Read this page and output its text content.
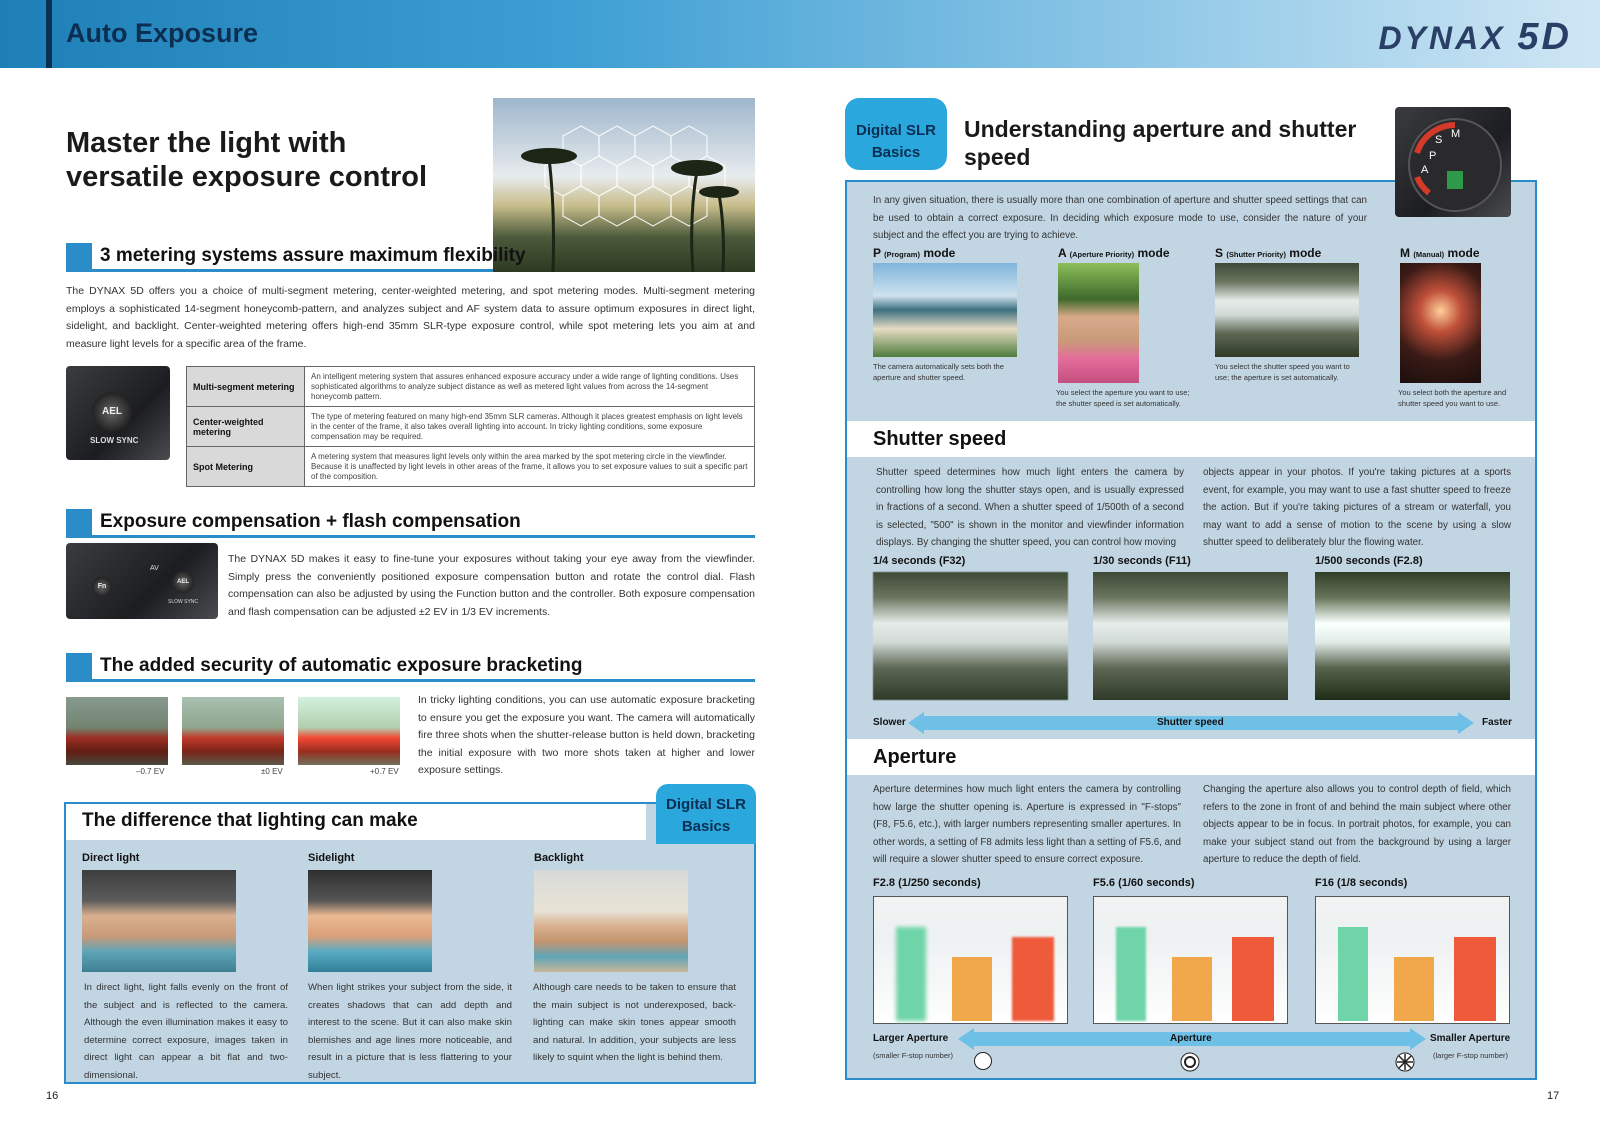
Auto Exposure	DYNAX 5D
Master the light with versatile exposure control
3 metering systems assure maximum flexibility
The DYNAX 5D offers you a choice of multi-segment metering, center-weighted metering, and spot metering modes. Multi-segment metering employs a sophisticated 14-segment honeycomb-pattern, and analyzes subject and AF system data to assure optimum exposures in direct light, sidelight, and backlight. Center-weighted metering offers high-end 35mm SLR-type exposure control, while spot metering lets you aim at and measure light levels for a specific area of the frame.
AEL
SLOW SYNC
Multi-segment metering	An intelligent metering system that assures enhanced exposure accuracy under a wide range of lighting conditions. Uses sophisticated algorithms to analyze subject distance as well as metered light values from across the 14-segment honeycomb pattern.
Center-weighted metering	The type of metering featured on many high-end 35mm SLR cameras. Although it places greatest emphasis on light levels in the center of the frame, it also takes overall lighting into account. In tricky lighting conditions, some exposure compensation may be required.
Spot Metering	A metering system that measures light levels only within the area marked by the spot metering circle in the viewfinder. Because it is unaffected by light levels in other areas of the frame, it allows you to set exposure values to suit a specific part of the composition.
Exposure compensation + flash compensation
Fn
AV
AEL
SLOW SYNC
The DYNAX 5D makes it easy to fine-tune your exposures without taking your eye away from the viewfinder. Simply press the conveniently positioned exposure compensation button and rotate the control dial. Flash compensation can also be adjusted by using the Function button and the controller. Both exposure compensation and flash compensation can be adjusted ±2 EV in 1/3 EV increments.
The added security of automatic exposure bracketing
–0.7 EV	±0 EV	+0.7 EV
In tricky lighting conditions, you can use automatic exposure bracketing to ensure you get the exposure you want. The camera will automatically fire three shots when the shutter-release button is held down, bracketing the initial exposure with two more shots taken at higher and lower exposure settings.
The difference that lighting can make
Digital SLR
Basics
Direct light	Sidelight	Backlight
In direct light, light falls evenly on the front of the subject and is reflected to the camera. Although the even illumination makes it easy to determine correct exposure, images taken in direct light can appear a bit flat and two-dimensional.
When light strikes your subject from the side, it creates shadows that can add depth and interest to the scene. But it can also make skin blemishes and age lines more noticeable, and result in a picture that is less flattering to your subject.
Although care needs to be taken to ensure that the main subject is not underexposed, back-lighting can make skin tones appear smooth and natural. In addition, your subjects are less likely to squint when the light is behind them.
16
Digital SLR
Basics
Understanding aperture and shutter speed	P
A
S M
In any given situation, there is usually more than one combination of aperture and shutter speed settings that can be used to obtain a correct exposure. In deciding which exposure mode to use, consider the nature of your subject and the effect you are trying to achieve.
P (Program) mode	A (Aperture Priority) mode	S (Shutter Priority) mode	M (Manual) mode
The camera automatically sets both the aperture and shutter speed.
You select the aperture you want to use; the shutter speed is set automatically.
You select the shutter speed you want to use; the aperture is set automatically.
You select both the aperture and shutter speed you want to use.
Shutter speed
Shutter speed determines how much light enters the camera by controlling how long the shutter stays open, and is usually expressed in fractions of a second. When a shutter speed of 1/500th of a second is selected, "500" is shown in the monitor and viewfinder information displays. By changing the shutter speed, you can control how moving
objects appear in your photos. If you're taking pictures at a sports event, for example, you may want to use a fast shutter speed to freeze the action. But if you're taking pictures of a stream or waterfall, you may want to add a sense of motion to the scene by using a slow shutter speed to deliberately blur the flowing water.
1/4 seconds (F32)	1/30 seconds (F11)	1/500 seconds (F2.8)
Slower	Shutter speed	Faster
Aperture
Aperture determines how much light enters the camera by controlling how large the shutter opening is. Aperture is expressed in "F-stops" (F8, F5.6, etc.), with larger numbers representing smaller apertures. In other words, a setting of F8 admits less light than a setting of F5.6, and will require a slower shutter speed to ensure correct exposure.
Changing the aperture also allows you to control depth of field, which refers to the zone in front of and behind the main subject where other objects appear to be in focus. In portrait photos, for example, you can make your subject stand out from the background by using a larger aperture to reduce the depth of field.
F2.8 (1/250 seconds)	F5.6 (1/60 seconds)	F16 (1/8 seconds)
Larger Aperture
(smaller F-stop number)
Aperture	Smaller Aperture
(larger F-stop number)
17
